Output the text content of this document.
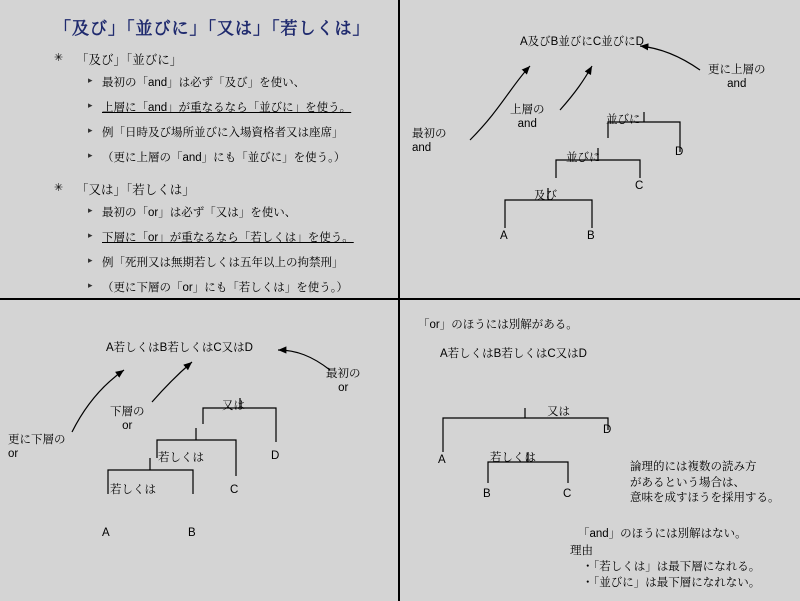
「及び」「並びに」「又は」「若しくは」
✳ 「及び」「並びに」
▸ 最初の「and」は必ず「及び」を使い、
▸ 上層に「and」が重なるなら「並びに」を使う。
▸ 例「日時及び場所並びに入場資格者又は座席」
▸ （更に上層の「and」にも「並びに」を使う。）
✳ 「又は」「若しくは」
▸ 最初の「or」は必ず「又は」を使い、
▸ 下層に「or」が重なるなら「若しくは」を使う。
▸ 例「死刑又は無期若しくは五年以上の拘禁刑」
▸ （更に下層の「or」にも「若しくは」を使う。）
A及びB並びにC並びにD
最初の
and
上層の
and
更に上層の
and
並びに
並びに
及び
A	B
C
D
A若しくはB若しくはC又はD
最初の
or
下層の
or
更に下層の
or
又は
若しくは
若しくは
A	B
C
D
「or」のほうには別解がある。
A若しくはB若しくはC又はD
又は
若しくは
A
B	C
D
論理的には複数の読み方
があるという場合は、
意味を成すほうを採用する。
「and」のほうには別解はない。
理由
・「若しくは」は最下層になれる。
・「並びに」は最下層になれない。
